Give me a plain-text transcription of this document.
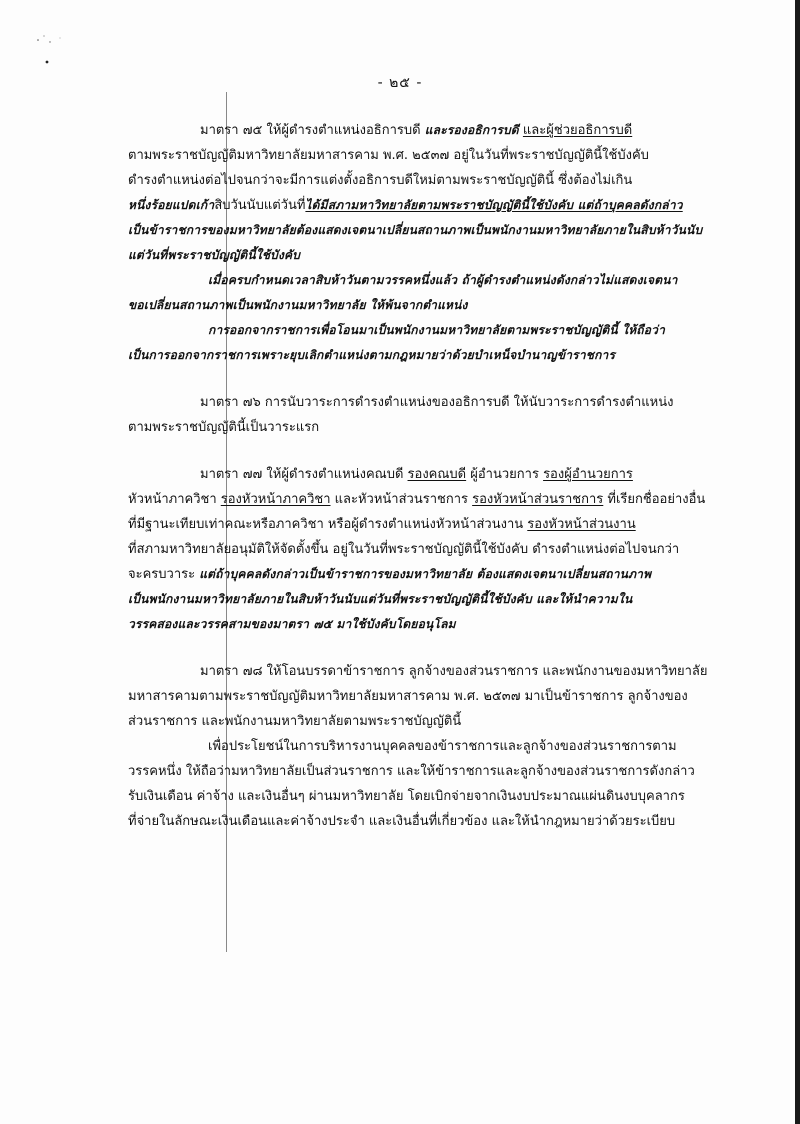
- ๒๕ -
มาตรา ๗๕ ให้ผู้ดำรงตำแหน่งอธิการบดี และรองอธิการบดี และผู้ช่วยอธิการบดี
ตามพระราชบัญญัติมหาวิทยาลัยมหาสารคาม พ.ศ. ๒๕๓๗ อยู่ในวันที่พระราชบัญญัตินี้ใช้บังคับ
ดำรงตำแหน่งต่อไปจนกว่าจะมีการแต่งตั้งอธิการบดีใหม่ตามพระราชบัญญัตินี้ ซึ่งต้องไม่เกิน
หนึ่งร้อยแปดเก้าสิบวันนับแต่วันที่ได้มีสภามหาวิทยาลัยตามพระราชบัญญัตินี้ใช้บังคับ แต่ถ้าบุคคลดังกล่าว
เป็นข้าราชการของมหาวิทยาลัยต้องแสดงเจตนาเปลี่ยนสถานภาพเป็นพนักงานมหาวิทยาลัยภายในสิบห้าวันนับ
แต่วันที่พระราชบัญญัตินี้ใช้บังคับ
เมื่อครบกำหนดเวลาสิบห้าวันตามวรรคหนึ่งแล้ว ถ้าผู้ดำรงตำแหน่งดังกล่าวไม่แสดงเจตนา
ขอเปลี่ยนสถานภาพเป็นพนักงานมหาวิทยาลัย ให้พ้นจากตำแหน่ง
การออกจากราชการเพื่อโอนมาเป็นพนักงานมหาวิทยาลัยตามพระราชบัญญัตินี้ ให้ถือว่า
เป็นการออกจากราชการเพราะยุบเลิกตำแหน่งตามกฎหมายว่าด้วยบำเหน็จบำนาญข้าราชการ
มาตรา ๗๖ การนับวาระการดำรงตำแหน่งของอธิการบดี ให้นับวาระการดำรงตำแหน่ง
ตามพระราชบัญญัตินี้เป็นวาระแรก
มาตรา ๗๗ ให้ผู้ดำรงตำแหน่งคณบดี รองคณบดี ผู้อำนวยการ รองผู้อำนวยการ
หัวหน้าภาควิชา รองหัวหน้าภาควิชา และหัวหน้าส่วนราชการ รองหัวหน้าส่วนราชการ ที่เรียกชื่ออย่างอื่น
ที่มีฐานะเทียบเท่าคณะหรือภาควิชา หรือผู้ดำรงตำแหน่งหัวหน้าส่วนงาน รองหัวหน้าส่วนงาน
ที่สภามหาวิทยาลัยอนุมัติให้จัดตั้งขึ้น อยู่ในวันที่พระราชบัญญัตินี้ใช้บังคับ ดำรงตำแหน่งต่อไปจนกว่า
จะครบวาระ แต่ถ้าบุคคลดังกล่าวเป็นข้าราชการของมหาวิทยาลัย ต้องแสดงเจตนาเปลี่ยนสถานภาพ
เป็นพนักงานมหาวิทยาลัยภายในสิบห้าวันนับแต่วันที่พระราชบัญญัตินี้ใช้บังคับ และให้นำความใน
วรรคสองและวรรคสามของมาตรา ๗๕ มาใช้บังคับโดยอนุโลม
มาตรา ๗๘ ให้โอนบรรดาข้าราชการ ลูกจ้างของส่วนราชการ และพนักงานของมหาวิทยาลัย
มหาสารคามตามพระราชบัญญัติมหาวิทยาลัยมหาสารคาม พ.ศ. ๒๕๓๗ มาเป็นข้าราชการ ลูกจ้างของ
ส่วนราชการ และพนักงานมหาวิทยาลัยตามพระราชบัญญัตินี้
เพื่อประโยชน์ในการบริหารงานบุคคลของข้าราชการและลูกจ้างของส่วนราชการตาม
วรรคหนึ่ง ให้ถือว่ามหาวิทยาลัยเป็นส่วนราชการ และให้ข้าราชการและลูกจ้างของส่วนราชการดังกล่าว
รับเงินเดือน ค่าจ้าง และเงินอื่นๆ ผ่านมหาวิทยาลัย โดยเบิกจ่ายจากเงินงบประมาณแผ่นดินงบบุคลากร
ที่จ่ายในลักษณะเงินเดือนและค่าจ้างประจำ และเงินอื่นที่เกี่ยวข้อง และให้นำกฎหมายว่าด้วยระเบียบ
